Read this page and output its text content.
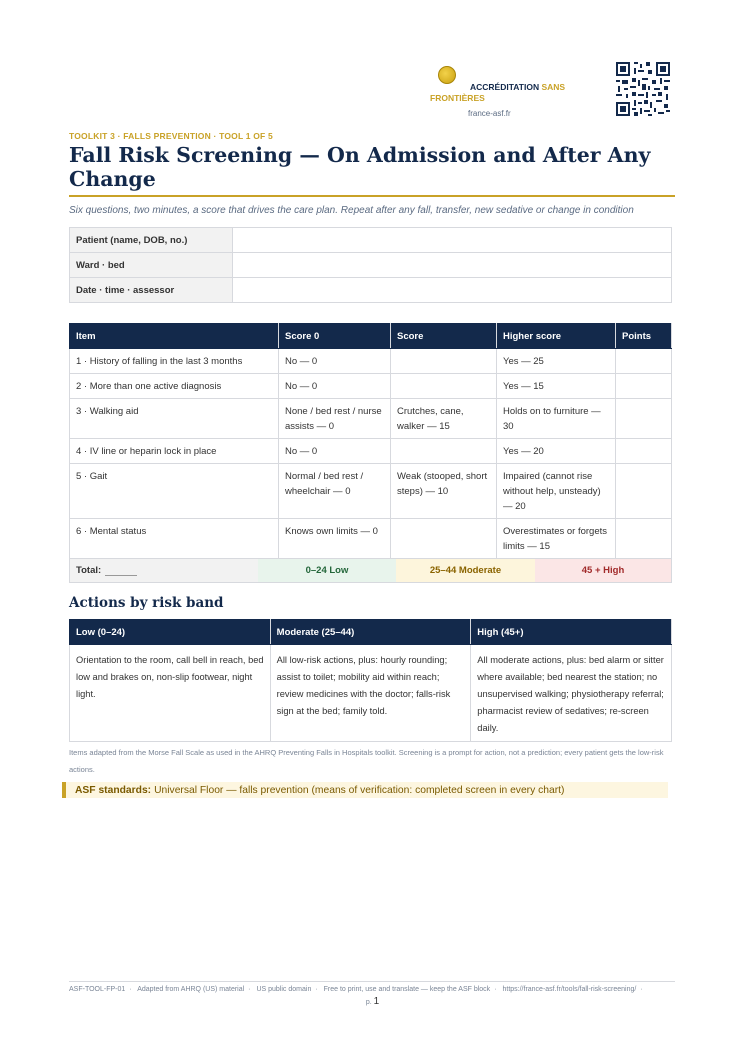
ACCRÉDITATION SANS FRONTIÈRES
france-asf.fr
TOOLKIT 3 · FALLS PREVENTION · TOOL 1 OF 5
Fall Risk Screening — On Admission and After Any Change
Six questions, two minutes, a score that drives the care plan. Repeat after any fall, transfer, new sedative or change in condition
Patient (name, DOB, no.)	
Ward · bed	
Date · time · assessor	
Item	Score 0	Score	Higher score	Points
1 · History of falling in the last 3 months	No — 0		Yes — 25	
2 · More than one active diagnosis	No — 0		Yes — 15	
3 · Walking aid	None / bed rest / nurse assists — 0	Crutches, cane, walker — 15	Holds on to furniture — 30	
4 · IV line or heparin lock in place	No — 0		Yes — 20	
5 · Gait	Normal / bed rest / wheelchair — 0	Weak (stooped, short steps) — 10	Impaired (cannot rise without help, unsteady) — 20	
6 · Mental status	Knows own limits — 0		Overestimates or forgets limits — 15	
Total:	0–24 Low	25–44 Moderate	45 + High
Actions by risk band
Low (0–24)	Moderate (25–44)	High (45+)
Orientation to the room, call bell in reach, bed low and brakes on, non-slip footwear, night light.	All low-risk actions, plus: hourly rounding; assist to toilet; mobility aid within reach; review medicines with the doctor; falls-risk sign at the bed; family told.	All moderate actions, plus: bed alarm or sitter where available; bed nearest the station; no unsupervised walking; physiotherapy referral; pharmacist review of sedatives; re-screen daily.
Items adapted from the Morse Fall Scale as used in the AHRQ Preventing Falls in Hospitals toolkit. Screening is a prompt for action, not a prediction; every patient gets the low-risk actions.
ASF standards: Universal Floor — falls prevention (means of verification: completed screen in every chart)
ASF-TOOL-FP-01 · Adapted from AHRQ (US) material · US public domain · Free to print, use and translate — keep the ASF block · https://france-asf.fr/tools/fall-risk-screening/ ·
p. 1
